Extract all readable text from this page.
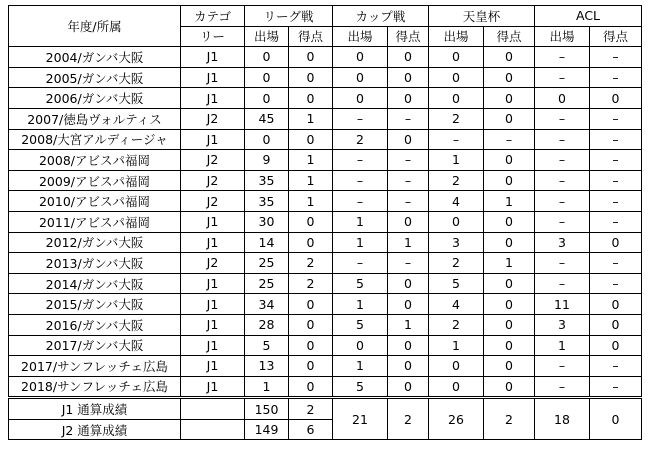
年度/所属	カテゴ	リーグ戦		カップ戦		天皇杯		ACL	
	リー	出場	得点	出場	得点	出場	得点	出場	得点
2004/ガンバ大阪	J1	0	0	0	0	0	0	–	–
2005/ガンバ大阪	J1	0	0	0	0	0	0	–	–
2006/ガンバ大阪	J1	0	0	0	0	0	0	0	0
2007/徳島ヴォルティス	J2	45	1	–	–	2	0	–	–
2008/大宮アルディージャ	J1	0	0	2	0	–	–	–	–
2008/アビスパ福岡	J2	9	1	–	–	1	0	–	–
2009/アビスパ福岡	J2	35	1	–	–	2	0	–	–
2010/アビスパ福岡	J2	35	1	–	–	4	1	–	–
2011/アビスパ福岡	J1	30	0	1	0	0	0	–	–
2012/ガンバ大阪	J1	14	0	1	1	3	0	3	0
2013/ガンバ大阪	J2	25	2	–	–	2	1	–	–
2014/ガンバ大阪	J1	25	2	5	0	5	0	–	–
2015/ガンバ大阪	J1	34	0	1	0	4	0	11	0
2016/ガンバ大阪	J1	28	0	5	1	2	0	3	0
2017/ガンバ大阪	J1	5	0	0	0	1	0	1	0
2017/サンフレッチェ広島	J1	13	0	1	0	0	0	–	–
2018/サンフレッチェ広島	J1	1	0	5	0	0	0	–	–
J1 通算成績		150	2	21	2	26	2	18	0
J2 通算成績		149	6						
